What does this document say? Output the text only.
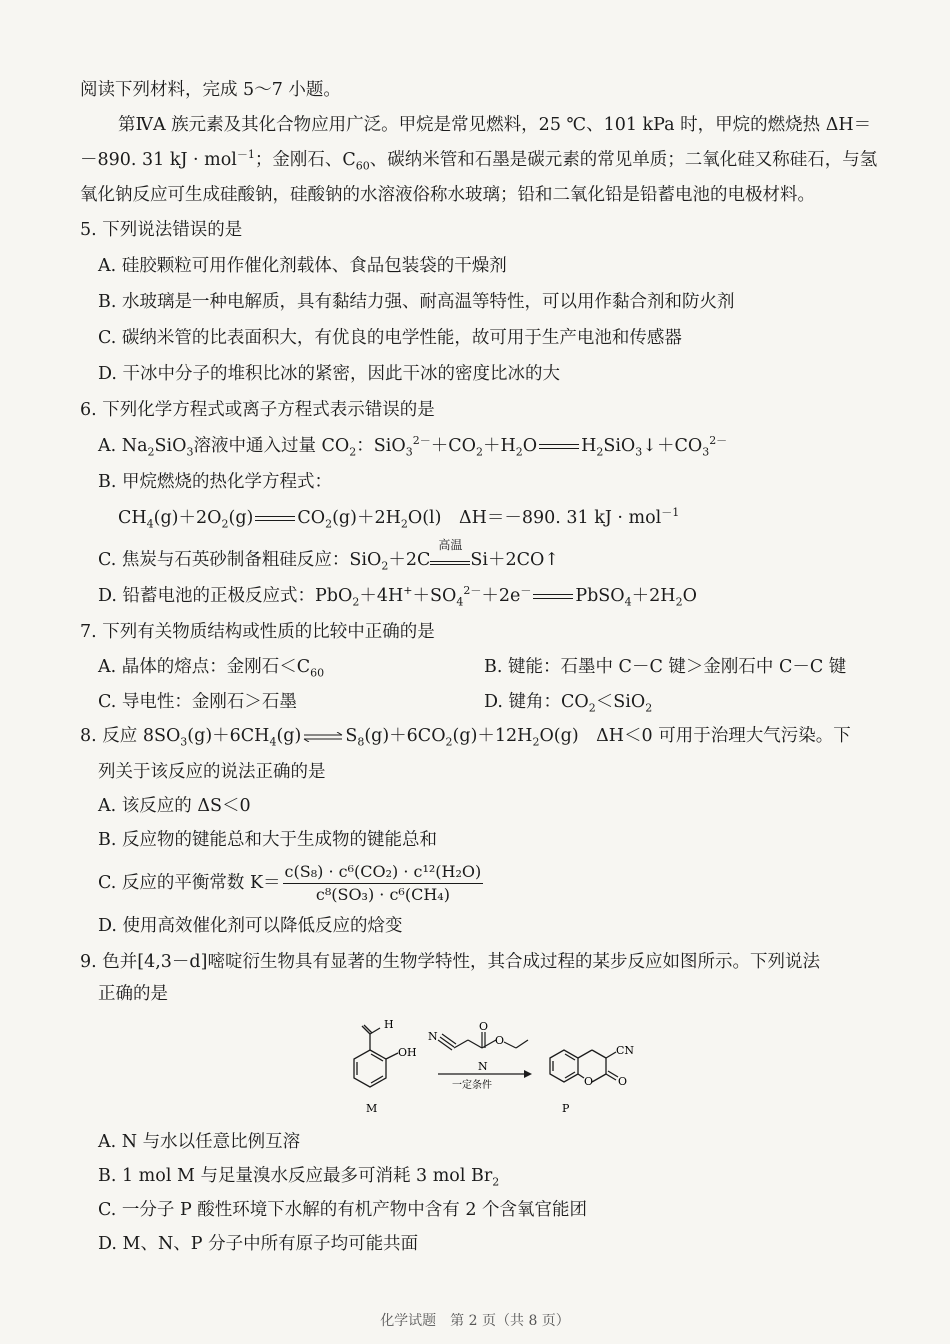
阅读下列材料，完成 5～7 小题。
第ⅣA 族元素及其化合物应用广泛。甲烷是常见燃料，25 ℃、101 kPa 时，甲烷的燃烧热 ΔH＝
－890. 31 kJ · mol$^{-1}$；金刚石、$C_{60}$、碳纳米管和石墨是碳元素的常见单质；二氧化硅又称硅石，与氢
氧化钠反应可生成硅酸钠，硅酸钠的水溶液俗称水玻璃；铅和二氧化铅是铅蓄电池的电极材料。
5. 下列说法错误的是
A. 硅胶颗粒可用作催化剂载体、食品包装袋的干燥剂
B. 水玻璃是一种电解质，具有黏结力强、耐高温等特性，可以用作黏合剂和防火剂
C. 碳纳米管的比表面积大，有优良的电学性能，故可用于生产电池和传感器
D. 干冰中分子的堆积比冰的紧密，因此干冰的密度比冰的大
6. 下列化学方程式或离子方程式表示错误的是
A. $Na_2SiO_3$溶液中通入过量 $CO_2$：$SiO_3^{2-}+CO_2+H_2O$	$H_2SiO_3↓+CO_3^{2-}$
B. 甲烷燃烧的热化学方程式：
$CH_4(g)+2O_2(g)$	$CO_2(g)+2H_2O(l)$　ΔH＝－890. 31 kJ · mol$^{-1}$
C. 焦炭与石英砂制备粗硅反应：SiO$_2$＋2C
高温
Si＋2CO↑
D. 铅蓄电池的正极反应式：$PbO_2+4H^++SO_4^{2-}+2e^-$	$PbSO_4+2H_2O$
7. 下列有关物质结构或性质的比较中正确的是
A. 晶体的熔点：金刚石$<C_{60}$	B. 键能：石墨中 C－C 键＞金刚石中 C－C 键
C. 导电性：金刚石＞石墨	D. 键角：$CO_2<SiO_2$
8. 反应 $8SO_3(g)+6CH_4(g)$	$S_8(g)+6CO_2(g)+12H_2O(g)$　ΔH＜0 可用于治理大气污染。下
列关于该反应的说法正确的是
A. 该反应的 ΔS＜0
B. 反应物的键能总和大于生成物的键能总和
C. 反应的平衡常数 $K= \frac{\text{c(S₈) · c⁶(CO₂) · c¹²(H₂O)}}{\text{c⁸(SO₃) · c⁶(CH₄)}}$
D. 使用高效催化剂可以降低反应的焓变
9. 色并[4,3－d]嘧啶衍生物具有显著的生物学特性，其合成过程的某步反应如图所示。下列说法
正确的是
H
OH
M
N
O
O
N
一定条件	O O
CN
P
A. N 与水以任意比例互溶
B. 1 mol M 与足量溴水反应最多可消耗 3 mol $Br_2$
C. 一分子 P 酸性环境下水解的有机产物中含有 2 个含氧官能团
D. M、N、P 分子中所有原子均可能共面
化学试题　第 2 页（共 8 页）
